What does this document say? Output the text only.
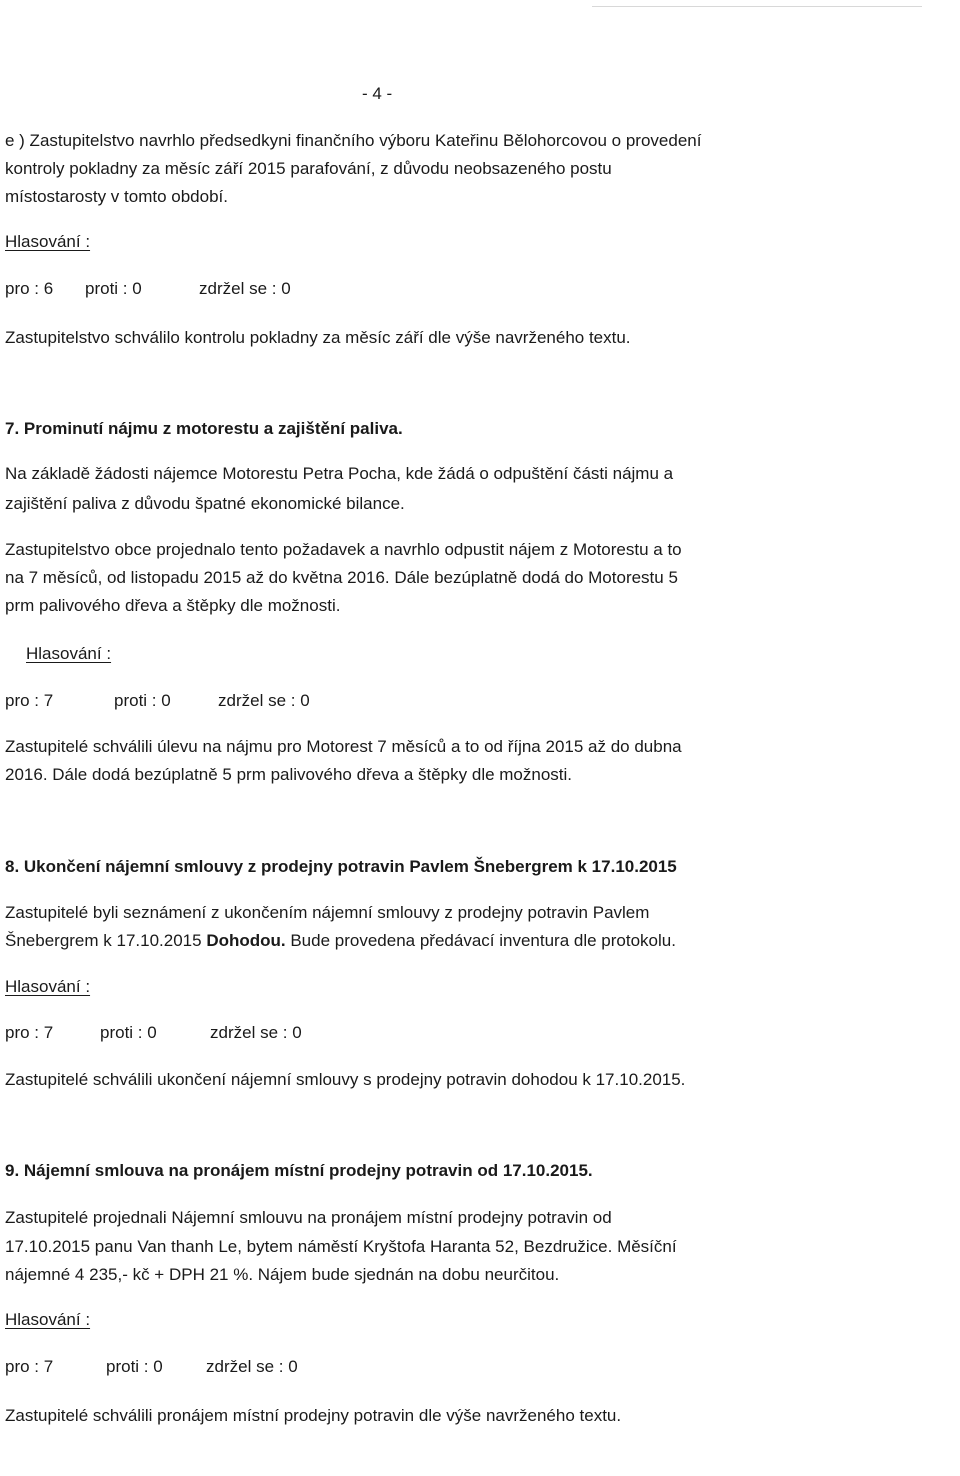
- 4 -
e ) Zastupitelstvo navrhlo předsedkyni finančního výboru Kateřinu Bělohorcovou o provedení
kontroly pokladny za měsíc září 2015 parafování, z důvodu neobsazeného postu
místostarosty v tomto období.
Hlasování :
pro : 6 proti : 0	zdržel se : 0
Zastupitelstvo schválilo kontrolu pokladny za měsíc září dle výše navrženého textu.
7. Prominutí nájmu z motorestu a zajištění paliva.
Na základě žádosti nájemce Motorestu Petra Pocha, kde žádá o odpuštění části nájmu a
zajištění paliva z důvodu špatné ekonomické bilance.
Zastupitelstvo obce projednalo tento požadavek a navrhlo odpustit nájem z Motorestu a to
na 7 měsíců, od listopadu 2015 až do května 2016. Dále bezúplatně dodá do Motorestu 5
prm palivového dřeva a štěpky dle možnosti.
Hlasování :
pro : 7	proti : 0	zdržel se : 0
Zastupitelé schválili úlevu na nájmu pro Motorest 7 měsíců a to od října 2015 až do dubna
2016. Dále dodá bezúplatně 5 prm palivového dřeva a štěpky dle možnosti.
8. Ukončení nájemní smlouvy z prodejny potravin Pavlem Šnebergrem k 17.10.2015
Zastupitelé byli seznámení z ukončením nájemní smlouvy z prodejny potravin Pavlem
Šnebergrem k 17.10.2015 Dohodou. Bude provedena předávací inventura dle protokolu.
Hlasování :
pro : 7	proti : 0	zdržel se : 0
Zastupitelé schválili ukončení nájemní smlouvy s prodejny potravin dohodou k 17.10.2015.
9. Nájemní smlouva na pronájem místní prodejny potravin od 17.10.2015.
Zastupitelé projednali Nájemní smlouvu na pronájem místní prodejny potravin od
17.10.2015 panu Van thanh Le, bytem náměstí Kryštofa Haranta 52, Bezdružice. Měsíční
nájemné 4 235,- kč + DPH 21 %. Nájem bude sjednán na dobu neurčitou.
Hlasování :
pro : 7	proti : 0	zdržel se : 0
Zastupitelé schválili pronájem místní prodejny potravin dle výše navrženého textu.
